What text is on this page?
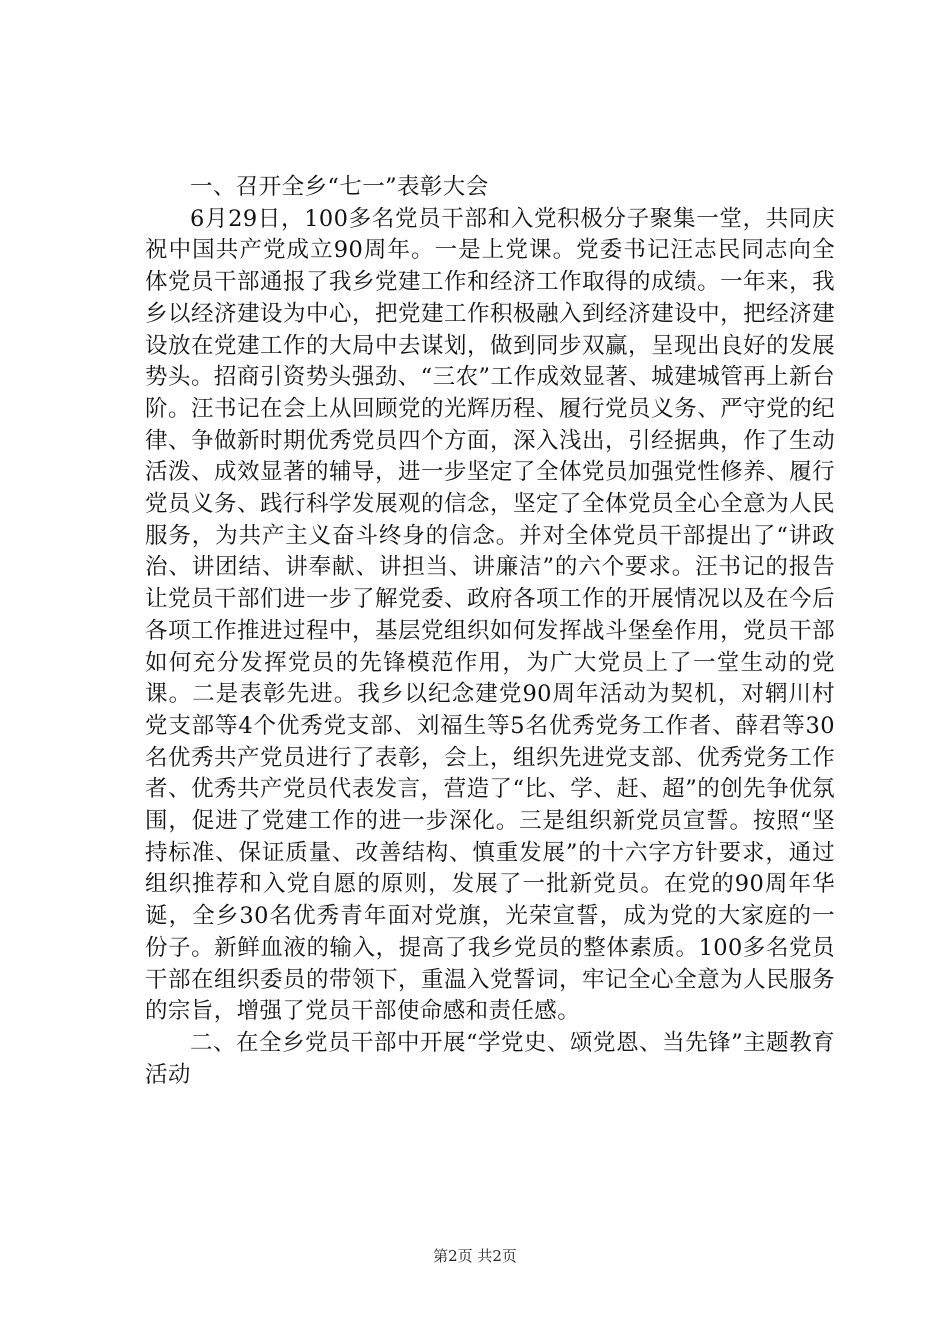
一、召开全乡“七一”表彰大会

6月29日，100多名党员干部和入党积极分子聚集一堂，共同庆祝中国共产党成立90周年。一是上党课。党委书记汪志民同志向全体党员干部通报了我乡党建工作和经济工作取得的成绩。一年来，我乡以经济建设为中心，把党建工作积极融入到经济建设中，把经济建设放在党建工作的大局中去谋划，做到同步双赢，呈现出良好的发展势头。招商引资势头强劲、“三农”工作成效显著、城建城管再上新台阶。汪书记在会上从回顾党的光辉历程、履行党员义务、严守党的纪律、争做新时期优秀党员四个方面，深入浅出，引经据典，作了生动活泼、成效显著的辅导，进一步坚定了全体党员加强党性修养、履行党员义务、践行科学发展观的信念，坚定了全体党员全心全意为人民服务，为共产主义奋斗终身的信念。并对全体党员干部提出了“讲政治、讲团结、讲奉献、讲担当、讲廉洁”的六个要求。汪书记的报告让党员干部们进一步了解党委、政府各项工作的开展情况以及在今后各项工作推进过程中，基层党组织如何发挥战斗堡垒作用，党员干部如何充分发挥党员的先锋模范作用，为广大党员上了一堂生动的党课。二是表彰先进。我乡以纪念建党90周年活动为契机，对辋川村党支部等4个优秀党支部、刘福生等5名优秀党务工作者、薛君等30名优秀共产党员进行了表彰，会上，组织先进党支部、优秀党务工作者、优秀共产党员代表发言，营造了“比、学、赶、超”的创先争优氛围，促进了党建工作的进一步深化。三是组织新党员宣誓。按照“坚持标准、保证质量、改善结构、慎重发展”的十六字方针要求，通过组织推荐和入党自愿的原则，发展了一批新党员。在党的90周年华诞，全乡30名优秀青年面对党旗，光荣宣誓，成为党的大家庭的一份子。新鲜血液的输入，提高了我乡党员的整体素质。100多名党员干部在组织委员的带领下，重温入党誓词，牢记全心全意为人民服务的宗旨，增强了党员干部使命感和责任感。

二、在全乡党员干部中开展“学党史、颂党恩、当先锋”主题教育活动

第2页 共2页
